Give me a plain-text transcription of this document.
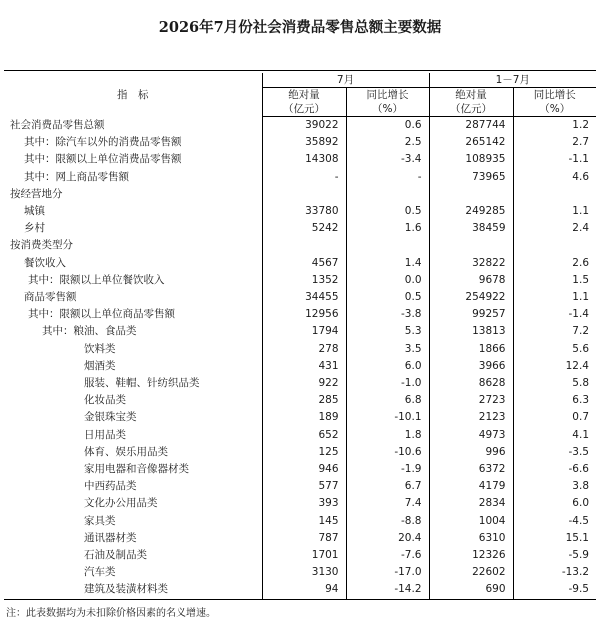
2026年7月份社会消费品零售总额主要数据

指　标	7月		1－7月	
	绝对量	同比增长	绝对量	同比增长
	（亿元）	（%）	（亿元）	（%）
社会消费品零售总额	39022	0.6	287744	1.2
其中：除汽车以外的消费品零售额	35892	2.5	265142	2.7
其中：限额以上单位消费品零售额	14308	-3.4	108935	-1.1
其中：网上商品零售额	-	-	73965	4.6
按经营地分				
城镇	33780	0.5	249285	1.1
乡村	5242	1.6	38459	2.4
按消费类型分				
餐饮收入	4567	1.4	32822	2.6
其中：限额以上单位餐饮收入	1352	0.0	9678	1.5
商品零售额	34455	0.5	254922	1.1
其中：限额以上单位商品零售额	12956	-3.8	99257	-1.4
其中：粮油、食品类	1794	5.3	13813	7.2
饮料类	278	3.5	1866	5.6
烟酒类	431	6.0	3966	12.4
服装、鞋帽、针纺织品类	922	-1.0	8628	5.8
化妆品类	285	6.8	2723	6.3
金银珠宝类	189	-10.1	2123	0.7
日用品类	652	1.8	4973	4.1
体育、娱乐用品类	125	-10.6	996	-3.5
家用电器和音像器材类	946	-1.9	6372	-6.6
中西药品类	577	6.7	4179	3.8
文化办公用品类	393	7.4	2834	6.0
家具类	145	-8.8	1004	-4.5
通讯器材类	787	20.4	6310	15.1
石油及制品类	1701	-7.6	12326	-5.9
汽车类	3130	-17.0	22602	-13.2
建筑及装潢材料类	94	-14.2	690	-9.5
注：此表数据均为未扣除价格因素的名义增速。
